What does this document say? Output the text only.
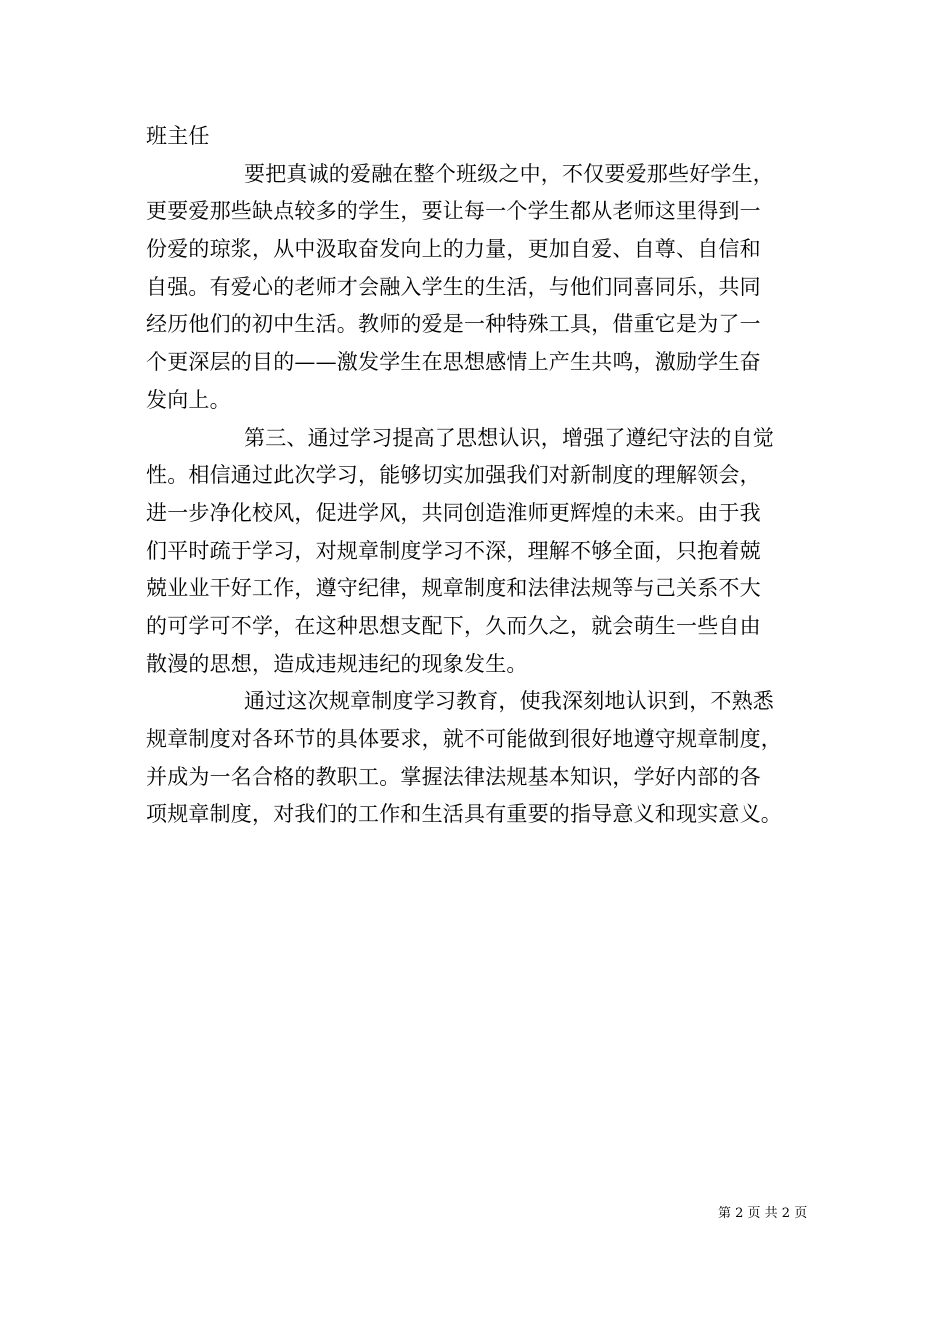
班主任
要把真诚的爱融在整个班级之中，不仅要爱那些好学生，
更要爱那些缺点较多的学生，要让每一个学生都从老师这里得到一
份爱的琼浆，从中汲取奋发向上的力量，更加自爱、自尊、自信和
自强。有爱心的老师才会融入学生的生活，与他们同喜同乐，共同
经历他们的初中生活。教师的爱是一种特殊工具，借重它是为了一
个更深层的目的——激发学生在思想感情上产生共鸣，激励学生奋
发向上。
第三、通过学习提高了思想认识，增强了遵纪守法的自觉
性。相信通过此次学习，能够切实加强我们对新制度的理解领会，
进一步净化校风，促进学风，共同创造淮师更辉煌的未来。由于我
们平时疏于学习，对规章制度学习不深，理解不够全面，只抱着兢
兢业业干好工作，遵守纪律，规章制度和法律法规等与己关系不大
的可学可不学，在这种思想支配下，久而久之，就会萌生一些自由
散漫的思想，造成违规违纪的现象发生。
通过这次规章制度学习教育，使我深刻地认识到，不熟悉
规章制度对各环节的具体要求，就不可能做到很好地遵守规章制度，
并成为一名合格的教职工。掌握法律法规基本知识，学好内部的各
项规章制度，对我们的工作和生活具有重要的指导意义和现实意义。
第 2 页 共 2 页
